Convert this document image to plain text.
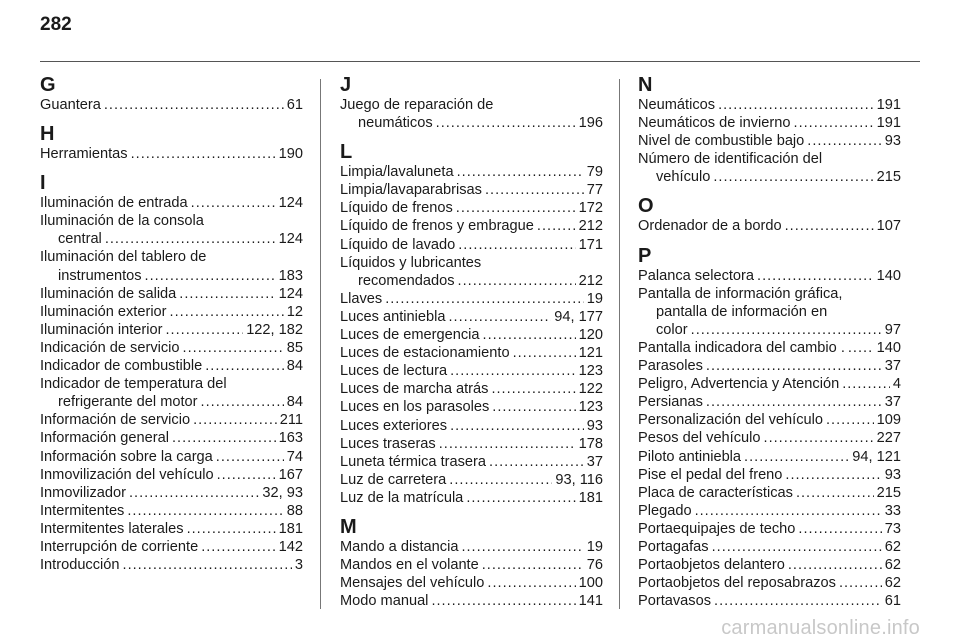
282
G
Guantera .....	61
H
Herramientas .....	190
I
Iluminación de entrada .....	124
Iluminación de la consola
central .....	124
Iluminación del tablero de
instrumentos .....	183
Iluminación de salida .....	124
Iluminación exterior .....	12
Iluminación interior .....	122, 182
Indicación de servicio .....	85
Indicador de combustible .....	84
Indicador de temperatura del
refrigerante del motor .....	84
Información de servicio .....	211
Información general .....	163
Información sobre la carga .....	74
Inmovilización del vehículo .....	167
Inmovilizador .....	32, 93
Intermitentes .....	88
Intermitentes laterales .....	181
Interrupción de corriente .....	142
Introducción .....	3
J
Juego de reparación de
neumáticos .....	196
L
Limpia/lavaluneta .....	79
Limpia/lavaparabrisas .....	77
Líquido de frenos .....	172
Líquido de frenos y embrague .....	212
Líquido de lavado .....	171
Líquidos y lubricantes
recomendados .....	212
Llaves .....	19
Luces antiniebla .....	94, 177
Luces de emergencia .....	120
Luces de estacionamiento .....	121
Luces de lectura .....	123
Luces de marcha atrás .....	122
Luces en los parasoles .....	123
Luces exteriores .....	93
Luces traseras .....	178
Luneta térmica trasera .....	37
Luz de carretera .....	93, 116
Luz de la matrícula .....	181
M
Mando a distancia .....	19
Mandos en el volante .....	76
Mensajes del vehículo .....	100
Modo manual .....	141
N
Neumáticos .....	191
Neumáticos de invierno .....	191
Nivel de combustible bajo .....	93
Número de identificación del
vehículo .....	215
O
Ordenador de a bordo .....	107
P
Palanca selectora .....	140
Pantalla de información gráfica,
pantalla de información en
color .....	97
Pantalla indicadora del cambio . ..... 140
Parasoles .....	37
Peligro, Advertencia y Atención .....	4
Persianas .....	37
Personalización del vehículo .....	109
Pesos del vehículo .....	227
Piloto antiniebla .....	94, 121
Pise el pedal del freno .....	93
Placa de características .....	215
Plegado .....	33
Portaequipajes de techo .....	73
Portagafas .....	62
Portaobjetos delantero .....	62
Portaobjetos del reposabrazos .....	62
Portavasos .....	61
carmanualsonline.info
